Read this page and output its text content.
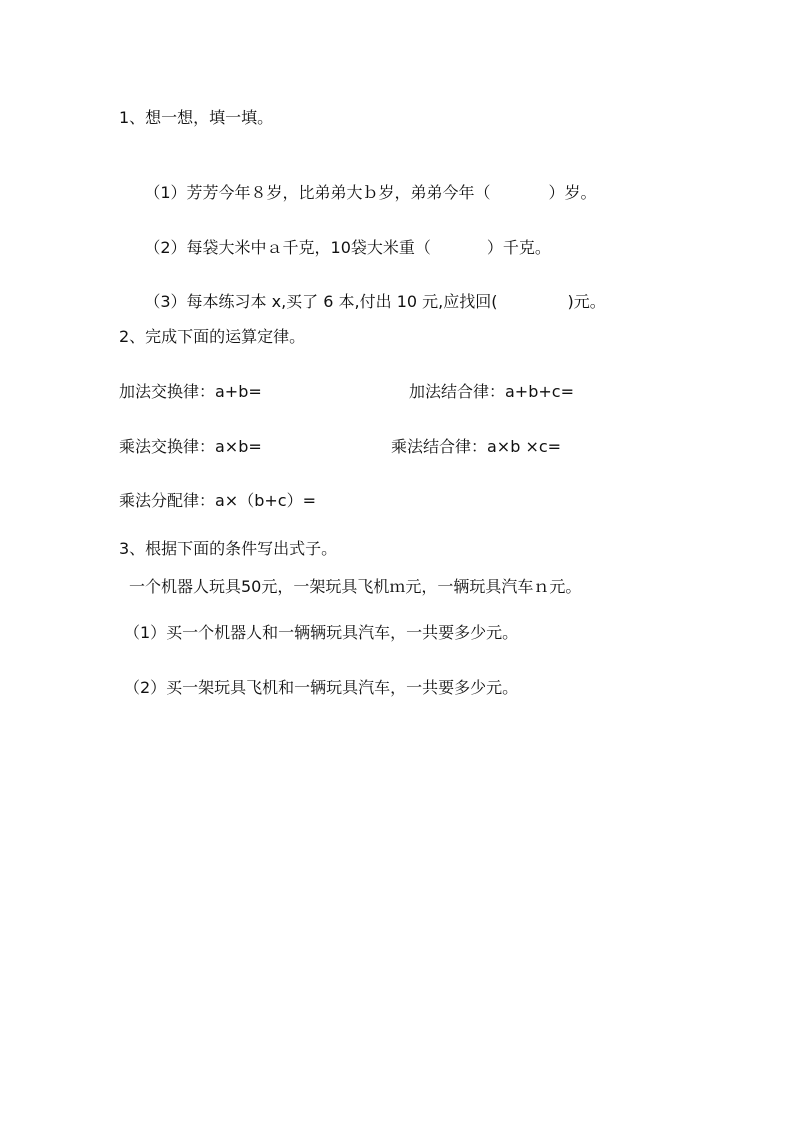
1、想一想，填一填。

（1）芳芳今年８岁，比弟弟大ｂ岁，弟弟今年（	）岁。

（2）每袋大米中ａ千克，10袋大米重（	）千克。

（3）每本练习本 x,买了 6 本,付出 10 元,应找回(	)元。

2、完成下面的运算定律。
加法交换律：a+b=	加法结合律：a+b+c=
乘法交换律：a×b=	乘法结合律：a×b ×c=
乘法分配律：a×（b+c）=
3、根据下面的条件写出式子。
一个机器人玩具50元，一架玩具飞机ｍ元，一辆玩具汽车ｎ元。
（1）买一个机器人和一辆辆玩具汽车，一共要多少元。
（2）买一架玩具飞机和一辆玩具汽车，一共要多少元。
